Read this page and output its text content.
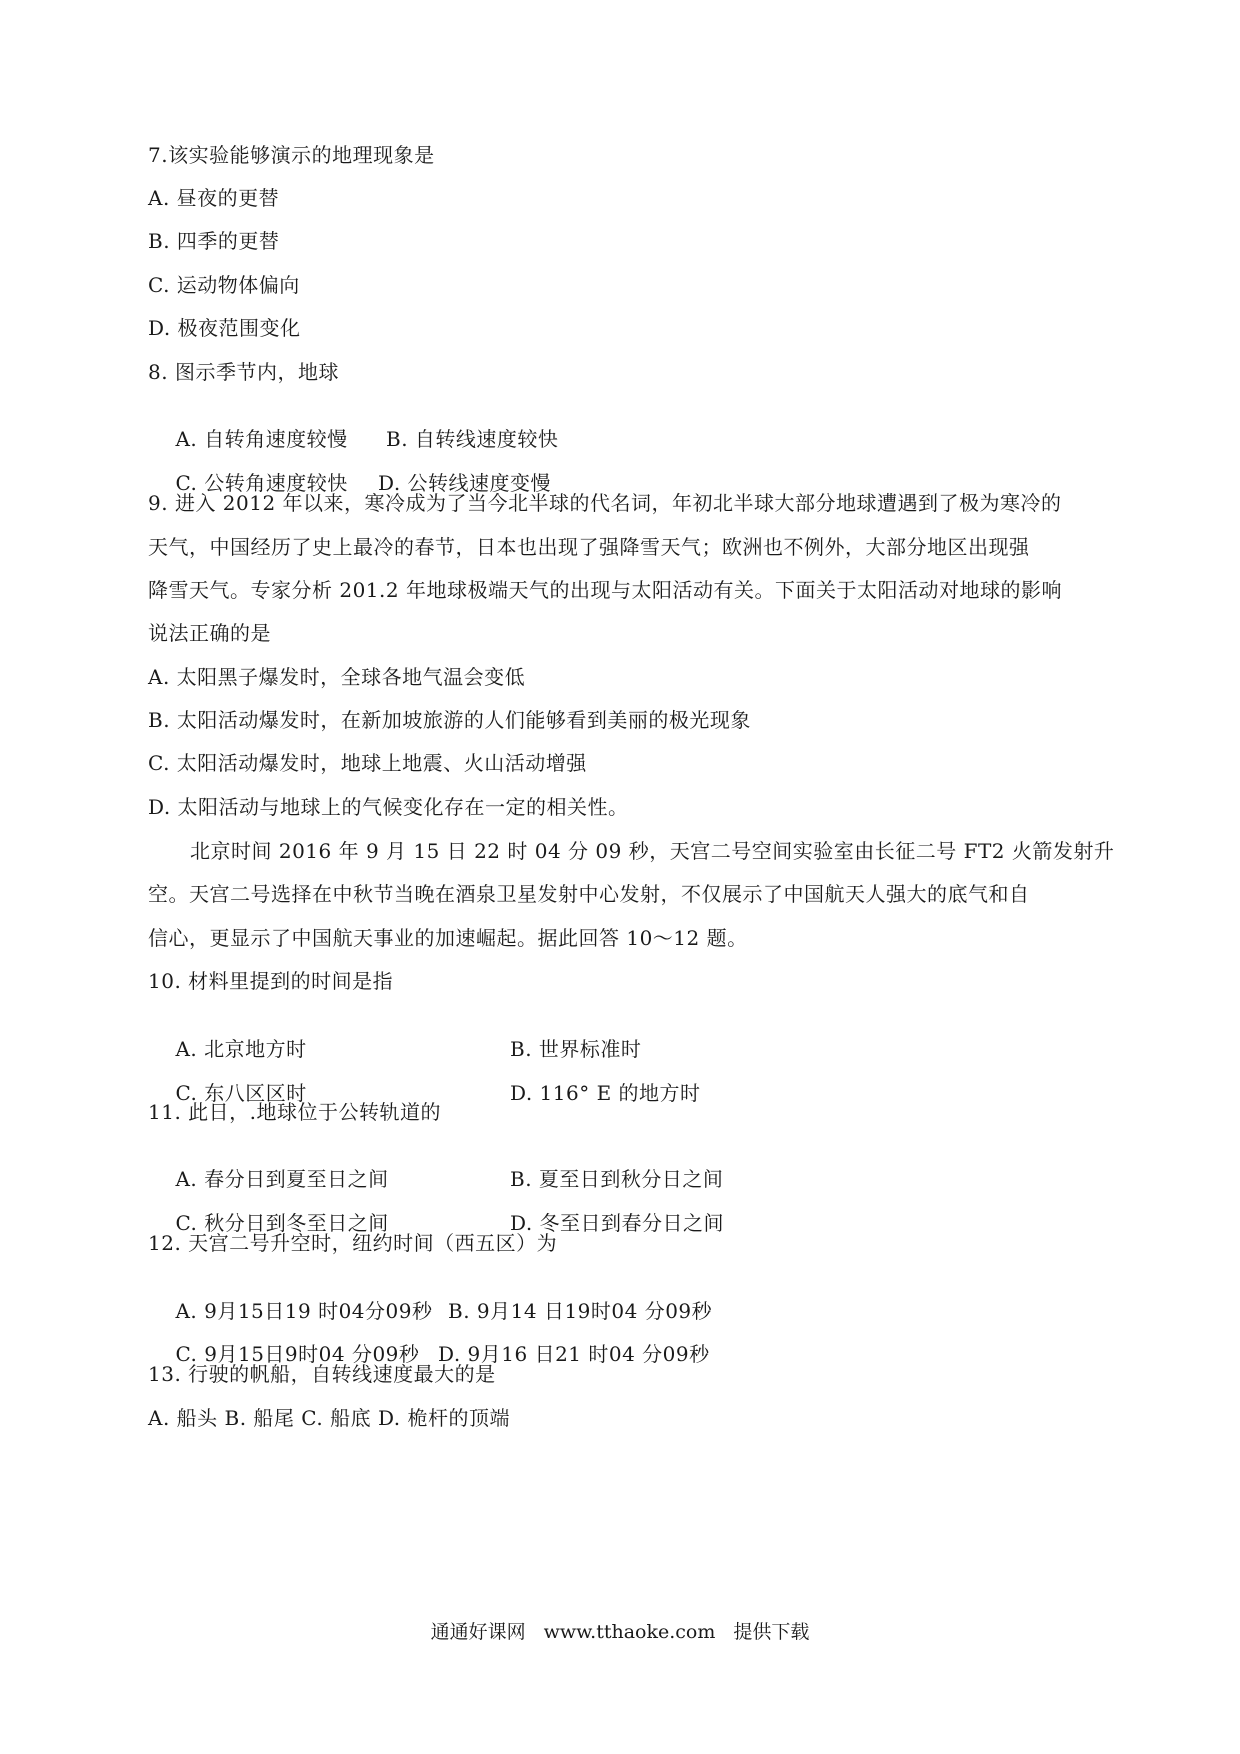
7.该实验能够演示的地理现象是
A. 昼夜的更替
B. 四季的更替
C. 运动物体偏向
D. 极夜范围变化
8. 图示季节内，地球

A. 自转角速度较慢 B. 自转线速度较快

C. 公转角速度较快 D. 公转线速度变慢

9. 进入 2012 年以来，寒冷成为了当今北半球的代名词，年初北半球大部分地球遭遇到了极为寒冷的
天气，中国经历了史上最冷的春节，日本也出现了强降雪天气；欧洲也不例外，大部分地区出现强
降雪天气。专家分析 201.2 年地球极端天气的出现与太阳活动有关。下面关于太阳活动对地球的影响
说法正确的是
A. 太阳黑子爆发时，全球各地气温会变低
B. 太阳活动爆发时，在新加坡旅游的人们能够看到美丽的极光现象
C. 太阳活动爆发时，地球上地震、火山活动增强
D. 太阳活动与地球上的气候变化存在一定的相关性。
北京时间 2016 年 9 月 15 日 22 时 04 分 09 秒，天宫二号空间实验室由长征二号 FT2 火箭发射升
空。天宫二号选择在中秋节当晚在酒泉卫星发射中心发射，不仅展示了中国航天人强大的底气和自
信心，更显示了中国航天事业的加速崛起。据此回答 10～12 题。
10. 材料里提到的时间是指

A. 北京地方时	B. 世界标准时

C. 东八区区时	D. 116° E 的地方时

11. 此日，.地球位于公转轨道的

A. 春分日到夏至日之间	B. 夏至日到秋分日之间

C. 秋分日到冬至日之间	D. 冬至日到春分日之间

12. 天宫二号升空时，纽约时间（西五区）为

A. 9月15日19 时04分09秒 B. 9月14 日19时04 分09秒

C. 9月15日9时04 分09秒 D. 9月16 日21 时04 分09秒

13. 行驶的帆船，自转线速度最大的是
A. 船头 B. 船尾 C. 船底 D. 桅杆的顶端
通通好课网 www.tthaoke.com 提供下载
